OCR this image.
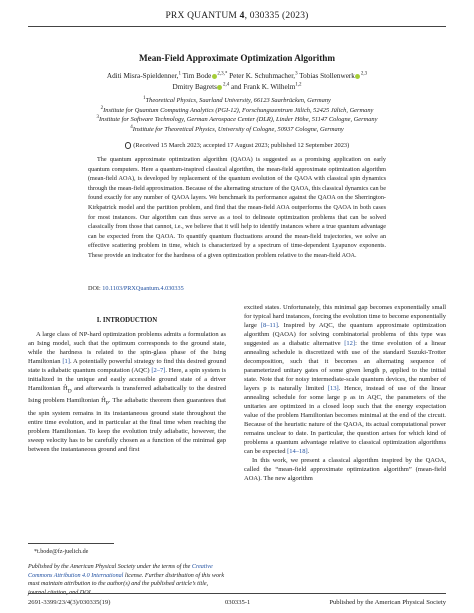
PRX QUANTUM 4, 030335 (2023)
Mean-Field Approximate Optimization Algorithm
Aditi Misra-Spieldenner,$^1$ Tim Bode $^{2,3,*}$ Peter K. Schuhmacher,$^3$ Tobias Stollenwerk $^{2,3}$
Dmitry Bagrets $^{2,4}$ and Frank K. Wilhelm$^{1,2}$
$^1$Theoretical Physics, Saarland University, 66123 Saarbrücken, Germany
$^2$Institute for Quantum Computing Analytics (PGI-12), Forschungszentrum Jülich, 52425 Jülich, Germany
$^3$Institute for Software Technology, German Aerospace Center (DLR), Linder Höhe, 51147 Cologne, Germany
$^4$Institute for Theoretical Physics, University of Cologne, 50937 Cologne, Germany
(Received 15 March 2023; accepted 17 August 2023; published 12 September 2023)
The quantum approximate optimization algorithm (QAOA) is suggested as a promising application on early quantum computers. Here a quantum-inspired classical algorithm, the mean-field approximate optimization algorithm (mean-field AOA), is developed by replacement of the quantum evolution of the QAOA with classical spin dynamics through the mean-field approximation. Because of the alternating structure of the QAOA, this classical dynamics can be found exactly for any number of QAOA layers. We benchmark its performance against the QAOA on the Sherrington-Kirkpatrick model and the partition problem, and find that the mean-field AOA outperforms the QAOA in both cases for most instances. Our algorithm can thus serve as a tool to delineate optimization problems that can be solved classically from those that cannot, i.e., we believe that it will help to identify instances where a true quantum advantage can be expected from the QAOA. To quantify quantum fluctuations around the mean-field trajectories, we solve an effective scattering problem in time, which is characterized by a spectrum of time-dependent Lyapunov exponents. These provide an indicator for the hardness of a given optimization problem relative to the mean-field AOA.
DOI: 10.1103/PRXQuantum.4.030335
I. INTRODUCTION

A large class of NP-hard optimization problems admits a formulation as an Ising model, such that the optimum corresponds to the ground state, while the hardness is related to the spin-glass phase of the Ising Hamiltonian [1]. A potentially powerful strategy to find this desired ground state is adiabatic quantum computation (AQC) [2–7]. Here, a spin system is initialized in the unique and easily accessible ground state of a driver Hamiltonian $Ĥ_D$ and afterwards is transferred adiabatically to the desired Ising problem Hamiltonian $Ĥ_P$. The adiabatic theorem then guarantees that the spin system remains in its instantaneous ground state throughout the entire time evolution, and in particular at the final time when reaching the problem Hamiltonian. To keep the evolution truly adiabatic, however, the sweep velocity has to be carefully chosen as a function of the minimal gap between the instantaneous ground and first

excited states. Unfortunately, this minimal gap becomes exponentially small for typical hard instances, forcing the evolution time to become exponentially large [8–11]. Inspired by AQC, the quantum approximate optimization algorithm (QAOA) for solving combinatorial problems of this type was suggested as a diabatic alternative [12]: the time evolution of a linear annealing schedule is discretized with use of the standard Suzuki-Trotter decomposition, such that it becomes an alternating sequence of parameterized unitary gates of some given length p, applied to the initial state. Note that for noisy intermediate-scale quantum devices, the number of layers p is naturally limited [13]. Hence, instead of use of the linear annealing schedule for some large p as in AQC, the parameters of the unitaries are optimized in a closed loop such that the energy expectation value of the problem Hamiltonian becomes minimal at the end of the circuit. Because of the heuristic nature of the QAOA, its actual computational power remains unclear to date. In particular, the question arises for which kind of problems a quantum advantage relative to classical optimization algorithms can be expected [14–18].

In this work, we present a classical algorithm inspired by the QAOA, called the “mean-field approximate optimization algorithm” (mean-field AOA). The new algorithm

*t.bode@fz-juelich.de
Published by the American Physical Society under the terms of the Creative Commons Attribution 4.0 International license. Further distribution of this work must maintain attribution to the author(s) and the published article’s title, journal citation, and DOI.
2691-3399/23/4(3)/030335(19)	030335-1	Published by the American Physical Society
